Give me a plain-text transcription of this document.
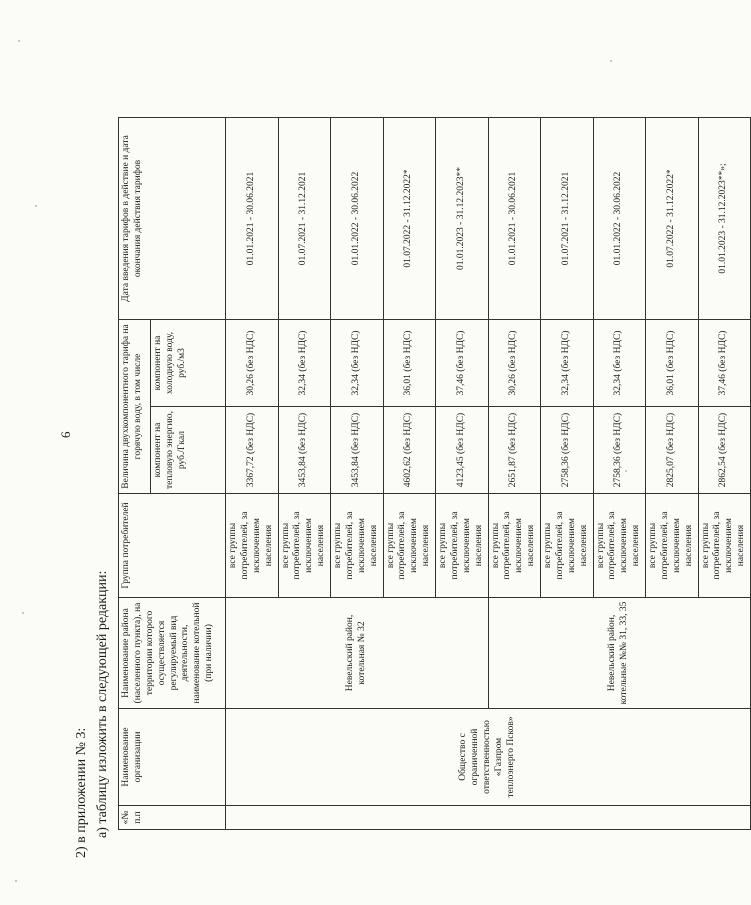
6
2) в приложении № 3: а) таблицу изложить в следующей редакции: «№ п.п	Наименование организации	Наименование района (населенного пункта), на территории которого осуществляется регулируемый вид деятельности, наименование котельной (при наличии)	Группа потребителей	Величина двухкомпонентного тарифа на горячую воду, в том числе		Дата введения тарифов в действие и дата окончания действия тарифов
				компонент на тепловую энергию, руб./Гкал	компонент на холодную воду, руб./м3	
	Общество с ограниченной ответственностью «Газпром теплоэнерго Псков»	Невельский район, котельная № 32	все группы потребителей, за исключением населения	3367,72 (без НДС)	30,26 (без НДС)	01.01.2021 - 30.06.2021
			все группы потребителей, за исключением населения	3453,84 (без НДС)	32,34 (без НДС)	01.07.2021 - 31.12.2021
			все группы потребителей, за исключением населения	3453,84 (без НДС)	32,34 (без НДС)	01.01.2022 - 30.06.2022
			все группы потребителей, за исключением населения	4602,62 (без НДС)	36,01 (без НДС)	01.07.2022 - 31.12.2022*
			все группы потребителей, за исключением населения	4123,45 (без НДС)	37,46 (без НДС)	01.01.2023 - 31.12.2023**
		Невельский район, котельные №№ 31, 33, 35	все группы потребителей, за исключением населения	2651,87 (без НДС)	30,26 (без НДС)	01.01.2021 - 30.06.2021
			все группы потребителей, за исключением населения	2758,36 (без НДС)	32,34 (без НДС)	01.07.2021 - 31.12.2021
			все группы потребителей, за исключением населения	2758,36 (без НДС)	32,34 (без НДС)	01.01.2022 - 30.06.2022
			все группы потребителей, за исключением населения	2825,07 (без НДС)	36,01 (без НДС)	01.07.2022 - 31.12.2022*
			все группы потребителей, за исключением населения	2862,54 (без НДС)	37,46 (без НДС)	01.01.2023 - 31.12.2023**»;
